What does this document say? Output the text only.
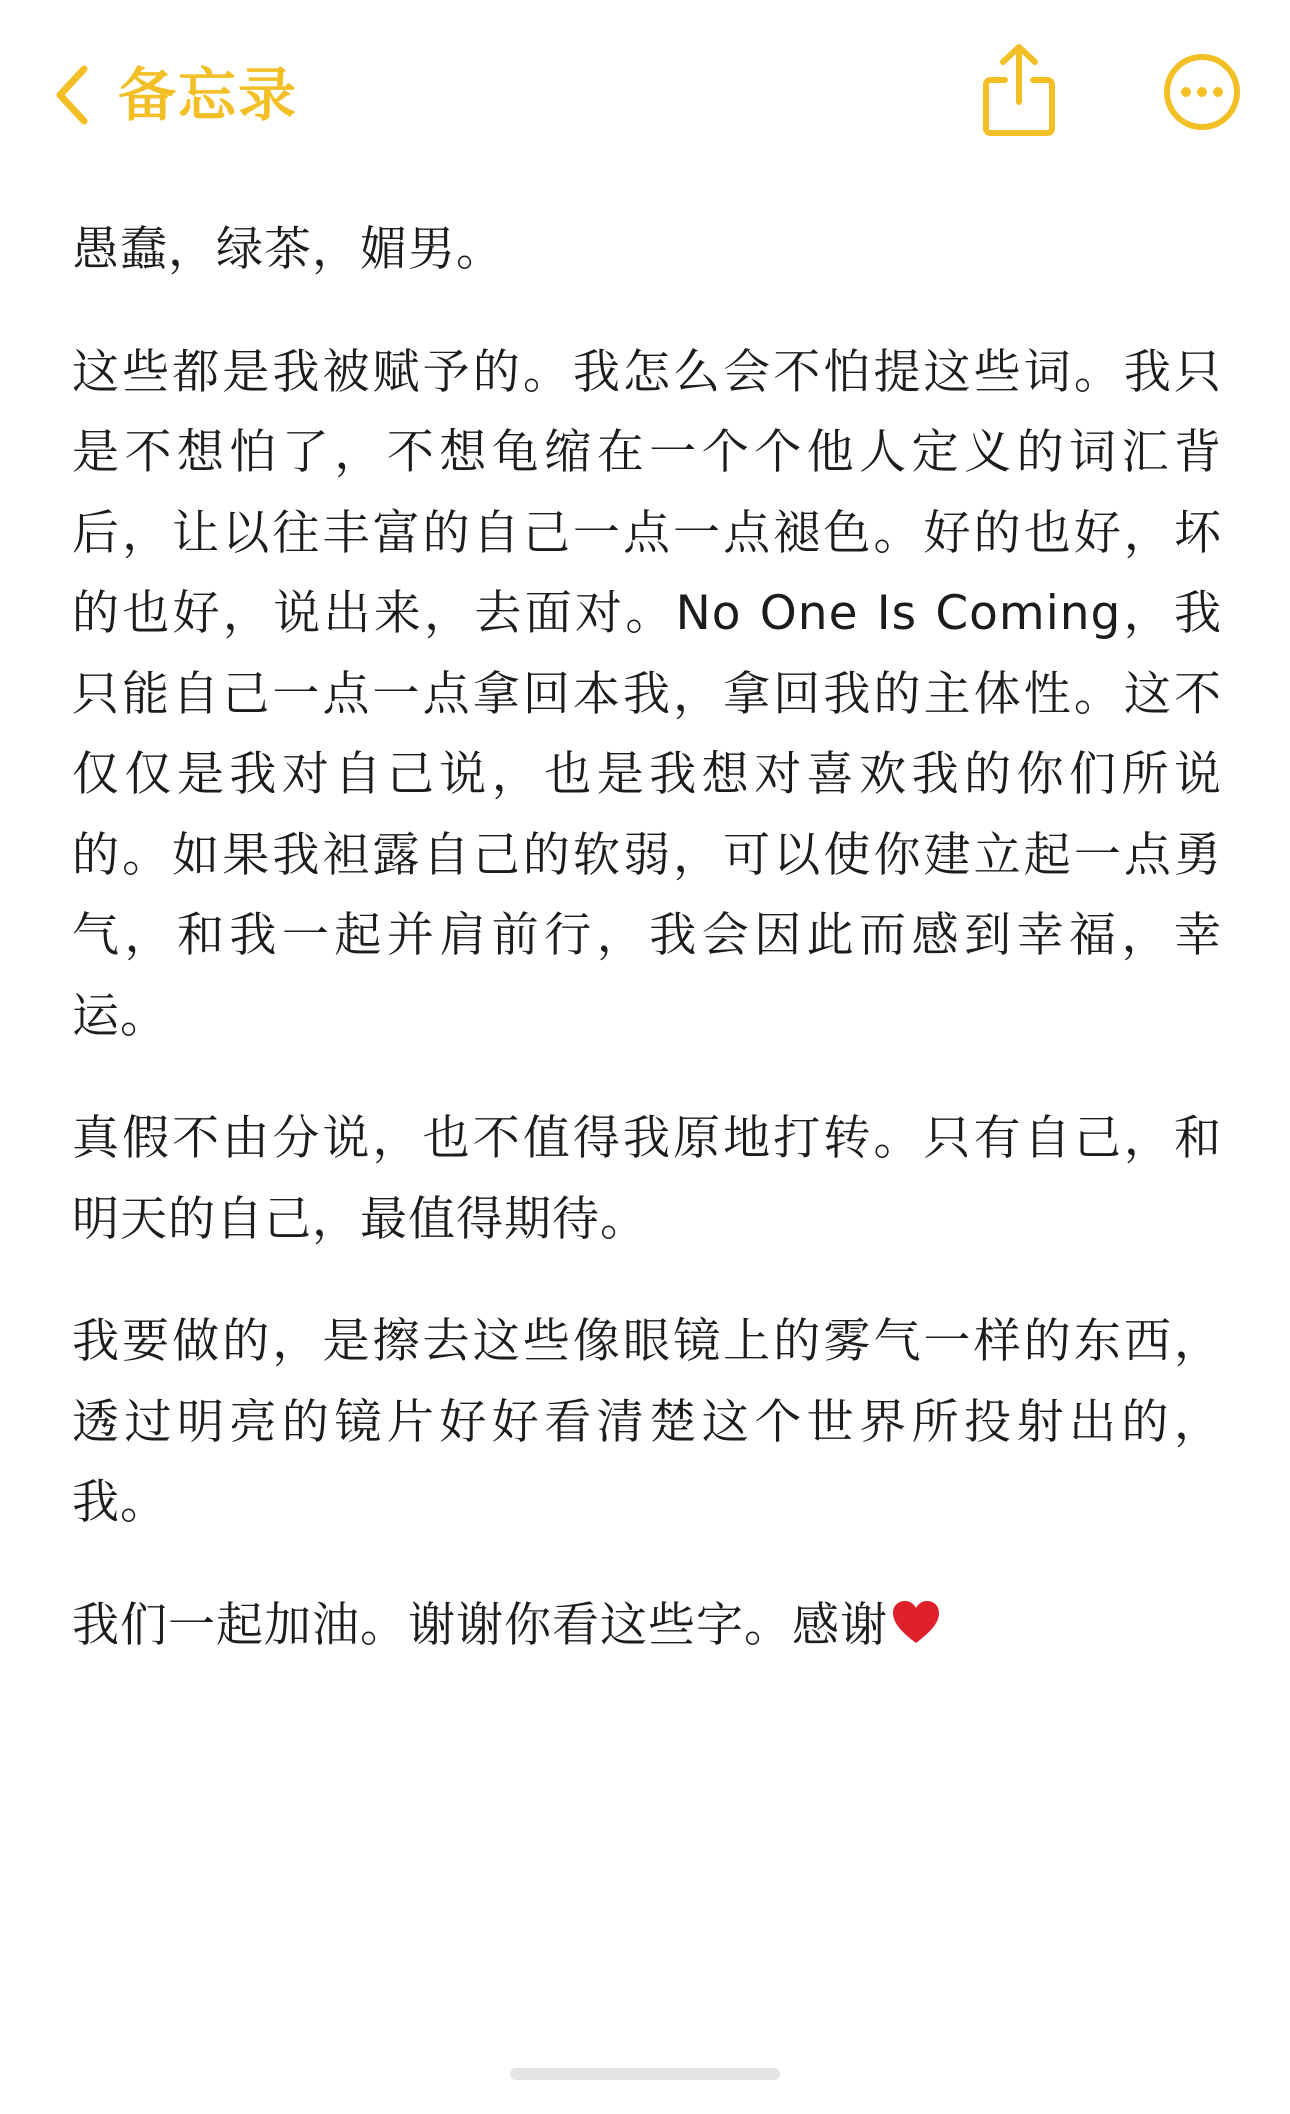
备忘录

愚蠢，绿茶，媚男。

这些都是我被赋予的。我怎么会不怕提这些词。我只是不想怕了，不想龟缩在一个个他人定义的词汇背后，让以往丰富的自己一点一点褪色。好的也好，坏的也好，说出来，去面对。No One Is Coming，我只能自己一点一点拿回本我，拿回我的主体性。这不仅仅是我对自己说，也是我想对喜欢我的你们所说的。如果我袒露自己的软弱，可以使你建立起一点勇气，和我一起并肩前行，我会因此而感到幸福，幸运。

真假不由分说，也不值得我原地打转。只有自己，和明天的自己，最值得期待。

我要做的，是擦去这些像眼镜上的雾气一样的东西，透过明亮的镜片好好看清楚这个世界所投射出的，我。

我们一起加油。谢谢你看这些字。感谢
